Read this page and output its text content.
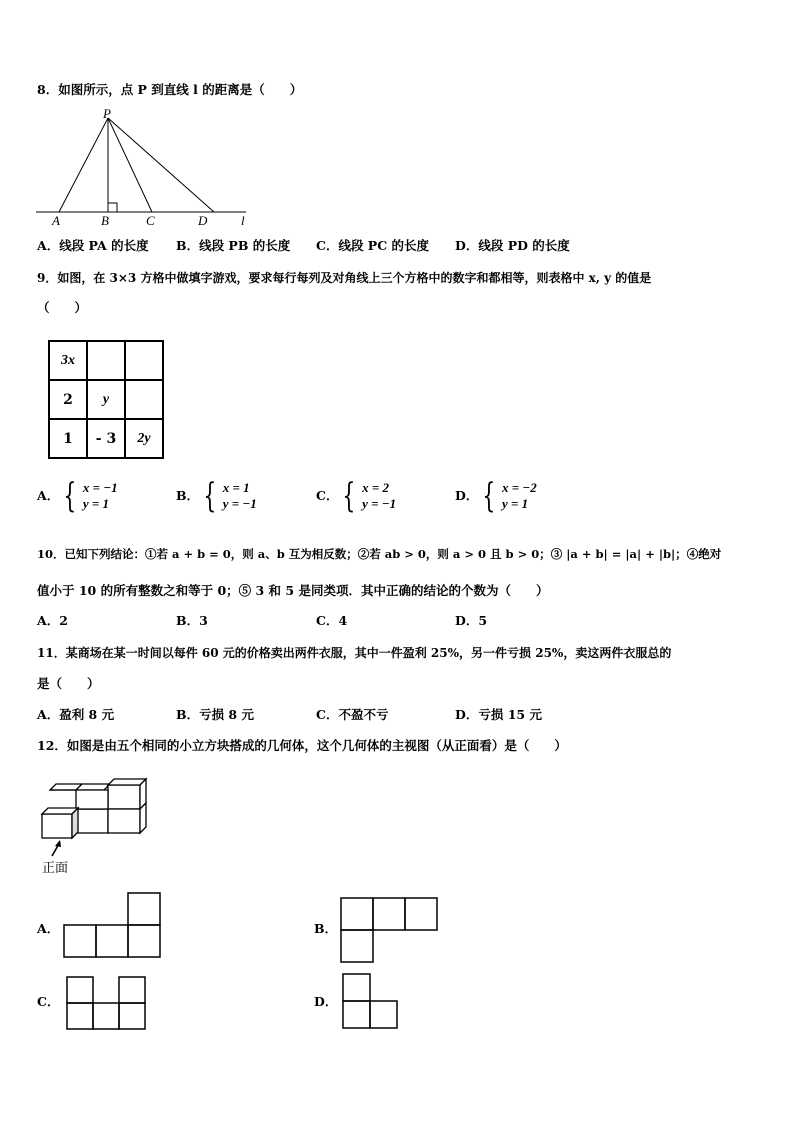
8．如图所示，点 P 到直线 l 的距离是（　　）
P
A	B	C	D	l
A．线段 PA 的长度 B．线段 PB 的长度 C．线段 PC 的长度 D．线段 PD 的长度
9．如图，在 3×3 方格中做填字游戏，要求每行每列及对角线上三个方格中的数字和都相等，则表格中 x, y 的值是
（　　）
3x		
2	y	
1	- 3	2y
A． { x = −1
y = 1
B． { x = 1
y = −1
C． { x = 2
y = −1
D． { x = −2
y = 1
10．已知下列结论：①若 a + b = 0，则 a、b 互为相反数；②若 ab > 0，则 a > 0 且 b > 0；③ |a + b| = |a| + |b|；④绝对
值小于 10 的所有整数之和等于 0；⑤ 3 和 5 是同类项．其中正确的结论的个数为（　　）
A．2	B．3	C．4	D．5
11．某商场在某一时间以每件 60 元的价格卖出两件衣服，其中一件盈利 25%，另一件亏损 25%，卖这两件衣服总的
是（　　）
A．盈利 8 元	B．亏损 8 元	C．不盈不亏	D．亏损 15 元
12．如图是由五个相同的小立方块搭成的几何体，这个几何体的主视图（从正面看）是（　　）
正面
A．	B．
C．	D．
